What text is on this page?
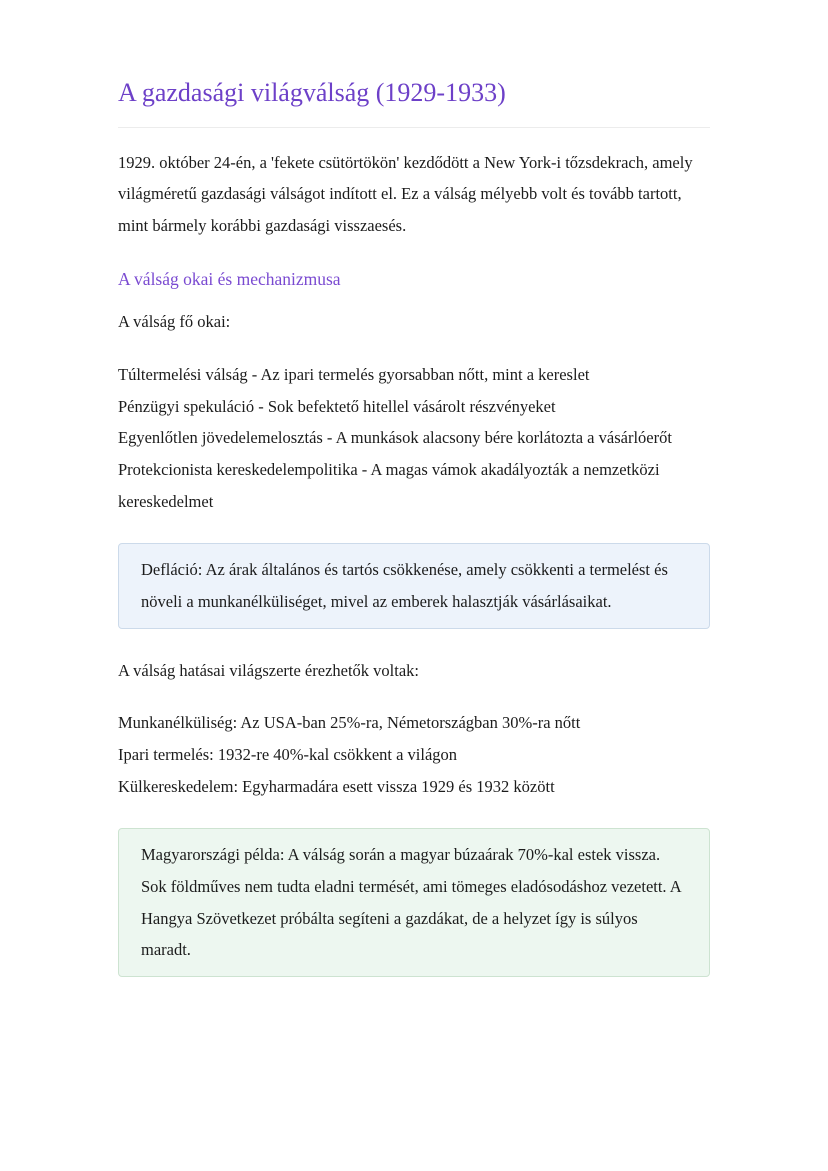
A gazdasági világválság (1929-1933)

1929. október 24-én, a 'fekete csütörtökön' kezdődött a New York-i tőzsdekrach, amely világméretű gazdasági válságot indított el. Ez a válság mélyebb volt és tovább tartott, mint bármely korábbi gazdasági visszaesés.

A válság okai és mechanizmusa

A válság fő okai:

Túltermelési válság - Az ipari termelés gyorsabban nőtt, mint a kereslet

Pénzügyi spekuláció - Sok befektető hitellel vásárolt részvényeket

Egyenlőtlen jövedelemelosztás - A munkások alacsony bére korlátozta a vásárlóerőt

Protekcionista kereskedelempolitika - A magas vámok akadályozták a nemzetközi kereskedelmet

Defláció: Az árak általános és tartós csökkenése, amely csökkenti a termelést és növeli a munkanélküliséget, mivel az emberek halasztják vásárlásaikat.

A válság hatásai világszerte érezhetők voltak:

Munkanélküliség: Az USA-ban 25%-ra, Németországban 30%-ra nőtt

Ipari termelés: 1932-re 40%-kal csökkent a világon

Külkereskedelem: Egyharmadára esett vissza 1929 és 1932 között

Magyarországi példa: A válság során a magyar búzaárak 70%-kal estek vissza. Sok földműves nem tudta eladni termését, ami tömeges eladósodáshoz vezetett. A Hangya Szövetkezet próbálta segíteni a gazdákat, de a helyzet így is súlyos maradt.
